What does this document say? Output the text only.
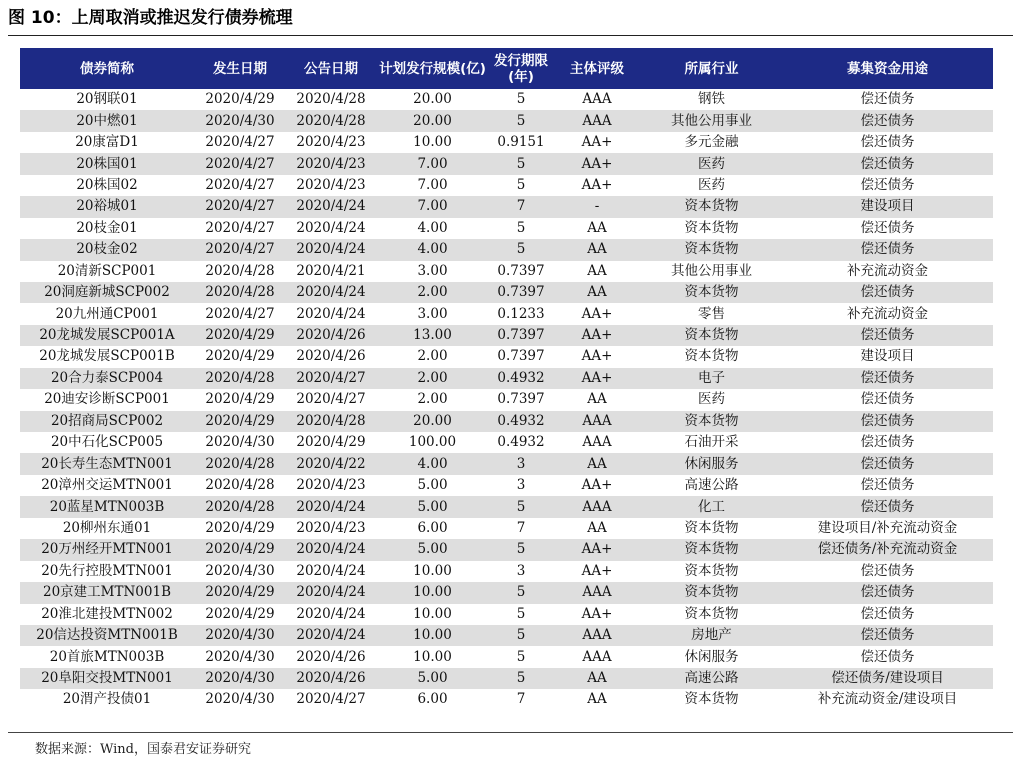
图 10：上周取消或推迟发行债券梳理
债券简称	发生日期	公告日期	计划发行规模(亿)	发行期限(年)	主体评级	所属行业	募集资金用途
20钢联01	2020/4/29	2020/4/28	20.00	5	AAA	钢铁	偿还债务
20中燃01	2020/4/30	2020/4/28	20.00	5	AAA	其他公用事业	偿还债务
20康富D1	2020/4/27	2020/4/23	10.00	0.9151	AA+	多元金融	偿还债务
20株国01	2020/4/27	2020/4/23	7.00	5	AA+	医药	偿还债务
20株国02	2020/4/27	2020/4/23	7.00	5	AA+	医药	偿还债务
20裕城01	2020/4/27	2020/4/24	7.00	7	-	资本货物	建设项目
20枝金01	2020/4/27	2020/4/24	4.00	5	AA	资本货物	偿还债务
20枝金02	2020/4/27	2020/4/24	4.00	5	AA	资本货物	偿还债务
20清新SCP001	2020/4/28	2020/4/21	3.00	0.7397	AA	其他公用事业	补充流动资金
20洞庭新城SCP002	2020/4/28	2020/4/24	2.00	0.7397	AA	资本货物	偿还债务
20九州通CP001	2020/4/27	2020/4/24	3.00	0.1233	AA+	零售	补充流动资金
20龙城发展SCP001A	2020/4/29	2020/4/26	13.00	0.7397	AA+	资本货物	偿还债务
20龙城发展SCP001B	2020/4/29	2020/4/26	2.00	0.7397	AA+	资本货物	建设项目
20合力泰SCP004	2020/4/28	2020/4/27	2.00	0.4932	AA+	电子	偿还债务
20迪安诊断SCP001	2020/4/29	2020/4/27	2.00	0.7397	AA	医药	偿还债务
20招商局SCP002	2020/4/29	2020/4/28	20.00	0.4932	AAA	资本货物	偿还债务
20中石化SCP005	2020/4/30	2020/4/29	100.00	0.4932	AAA	石油开采	偿还债务
20长寿生态MTN001	2020/4/28	2020/4/22	4.00	3	AA	休闲服务	偿还债务
20漳州交运MTN001	2020/4/28	2020/4/23	5.00	3	AA+	高速公路	偿还债务
20蓝星MTN003B	2020/4/28	2020/4/24	5.00	5	AAA	化工	偿还债务
20柳州东通01	2020/4/29	2020/4/23	6.00	7	AA	资本货物	建设项目/补充流动资金
20万州经开MTN001	2020/4/29	2020/4/24	5.00	5	AA+	资本货物	偿还债务/补充流动资金
20先行控股MTN001	2020/4/30	2020/4/24	10.00	3	AA+	资本货物	偿还债务
20京建工MTN001B	2020/4/29	2020/4/24	10.00	5	AAA	资本货物	偿还债务
20淮北建投MTN002	2020/4/29	2020/4/24	10.00	5	AA+	资本货物	偿还债务
20信达投资MTN001B	2020/4/30	2020/4/24	10.00	5	AAA	房地产	偿还债务
20首旅MTN003B	2020/4/30	2020/4/26	10.00	5	AAA	休闲服务	偿还债务
20阜阳交投MTN001	2020/4/30	2020/4/26	5.00	5	AA	高速公路	偿还债务/建设项目
20渭产投债01	2020/4/30	2020/4/27	6.00	7	AA	资本货物	补充流动资金/建设项目
数据来源：Wind，国泰君安证券研究
